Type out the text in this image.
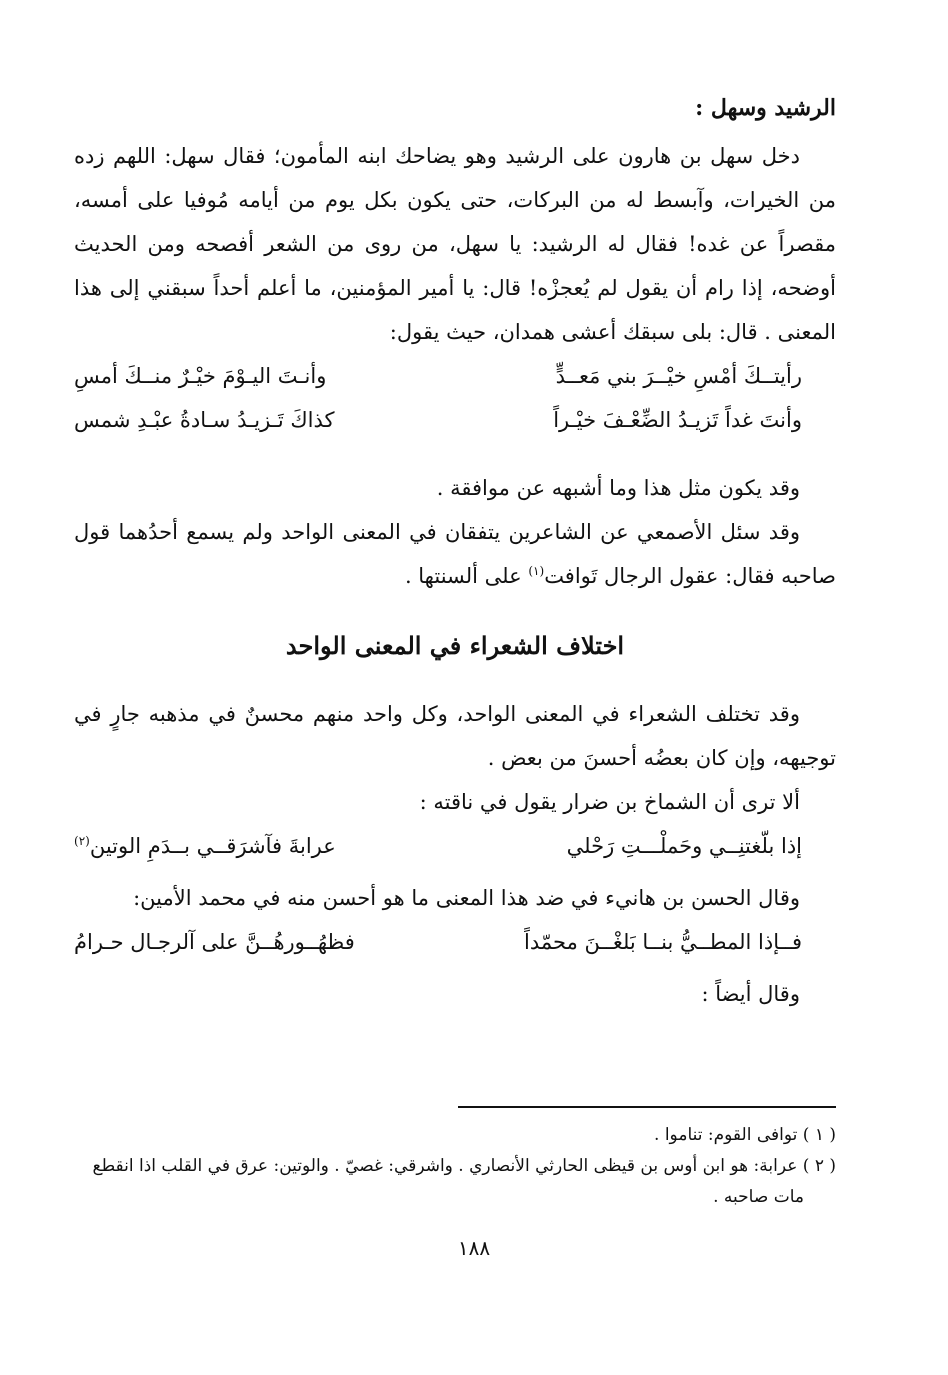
الرشيد وسهل :

دخل سهل بن هارون على الرشيد وهو يضاحك ابنه المأمون؛ فقال سهل: اللهم زده من الخيرات، وآبسط له من البركات، حتى يكون بكل يوم من أيامه مُوفيا على أمسه، مقصراً عن غده! فقال له الرشيد: يا سهل، من روى من الشعر أفصحه ومن الحديث أوضحه، إذا رام أن يقول لم يُعجزْه! قال: يا أمير المؤمنين، ما أعلم أحداً سبقني إلى هذا المعنى . قال: بلى سبقك أعشى همدان، حيث يقول:

رأيتــكَ أمْسِ خيْــرَ بني مَعــدٍّ
وأنـتَ اليـوْمَ خيْـرٌ منــكَ أمسِ
وأنتَ غداً تَزيـدُ الضِّعْـفَ خيْـراً
كذاكَ تَـزيـدُ سـادةُ عبْـدِ شمس

وقد يكون مثل هذا وما أشبهه عن موافقة .

وقد سئل الأصمعي عن الشاعرين يتفقان في المعنى الواحد ولم يسمع أحدُهما قول صاحبه فقال: عقول الرجال تَوافت$^{(١)}$ على ألسنتها .

اختلاف الشعراء في المعنى الواحد

وقد تختلف الشعراء في المعنى الواحد، وكل واحد منهم محسنٌ في مذهبه جارٍ في توجيهه، وإن كان بعضُه أحسنَ من بعض .

ألا ترى أن الشماخ بن ضرار يقول في ناقته :

إذا بلّغتنِــي وحَملْـــتِ رَحْلي
عرابةَ فآشرَقــي بــدَمِ الوتين$^{(٢)}$

وقال الحسن بن هانيء في ضد هذا المعنى ما هو أحسن منه في محمد الأمين:

فــإذا المطــيُّ بنــا بَلغْــنَ محمّداً
فظهُــورهُــنَّ على آلرجـال حـرامُ

وقال أيضاً :

( ١ ) توافى القوم: تناموا .

( ٢ ) عرابة: هو ابن أوس بن قيظى الحارثي الأنصاري . واشرقي: غصيّ . والوتين: عرق في القلب اذا انقطع

مات صاحبه .

١٨٨
